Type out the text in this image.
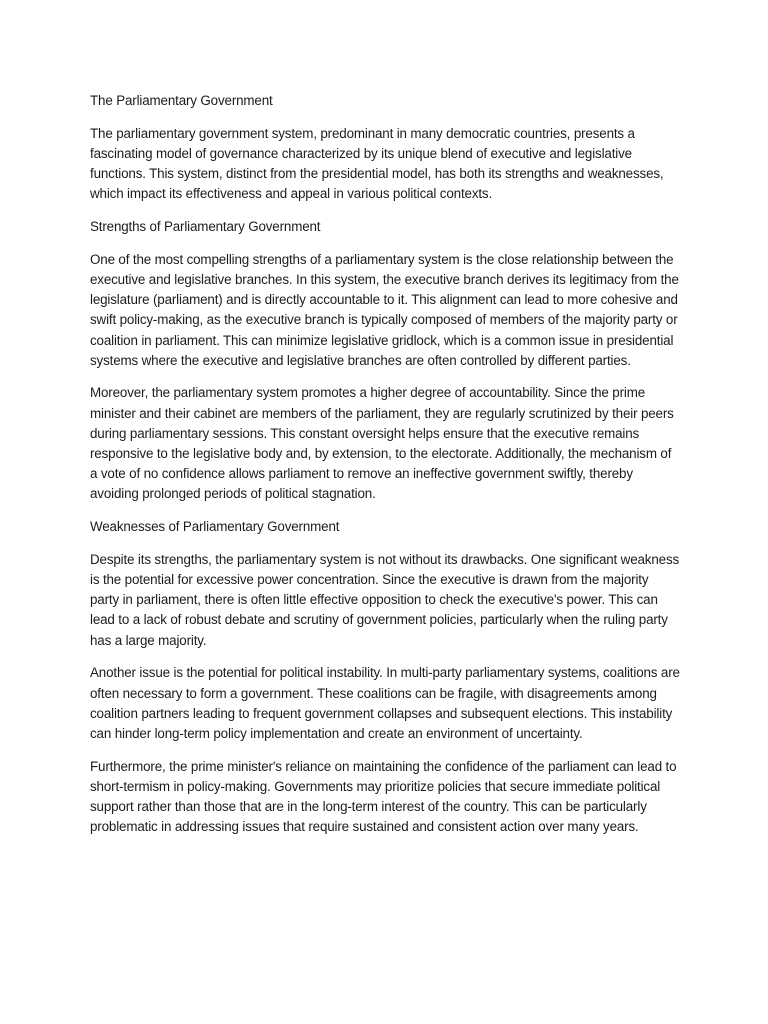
The Parliamentary Government

The parliamentary government system, predominant in many democratic countries, presents a fascinating model of governance characterized by its unique blend of executive and legislative functions. This system, distinct from the presidential model, has both its strengths and weaknesses, which impact its effectiveness and appeal in various political contexts.

Strengths of Parliamentary Government

One of the most compelling strengths of a parliamentary system is the close relationship between the executive and legislative branches. In this system, the executive branch derives its legitimacy from the legislature (parliament) and is directly accountable to it. This alignment can lead to more cohesive and swift policy-making, as the executive branch is typically composed of members of the majority party or coalition in parliament. This can minimize legislative gridlock, which is a common issue in presidential systems where the executive and legislative branches are often controlled by different parties.

Moreover, the parliamentary system promotes a higher degree of accountability. Since the prime minister and their cabinet are members of the parliament, they are regularly scrutinized by their peers during parliamentary sessions. This constant oversight helps ensure that the executive remains responsive to the legislative body and, by extension, to the electorate. Additionally, the mechanism of a vote of no confidence allows parliament to remove an ineffective government swiftly, thereby avoiding prolonged periods of political stagnation.

Weaknesses of Parliamentary Government

Despite its strengths, the parliamentary system is not without its drawbacks. One significant weakness is the potential for excessive power concentration. Since the executive is drawn from the majority party in parliament, there is often little effective opposition to check the executive's power. This can lead to a lack of robust debate and scrutiny of government policies, particularly when the ruling party has a large majority.

Another issue is the potential for political instability. In multi-party parliamentary systems, coalitions are often necessary to form a government. These coalitions can be fragile, with disagreements among coalition partners leading to frequent government collapses and subsequent elections. This instability can hinder long-term policy implementation and create an environment of uncertainty.

Furthermore, the prime minister's reliance on maintaining the confidence of the parliament can lead to short-termism in policy-making. Governments may prioritize policies that secure immediate political support rather than those that are in the long-term interest of the country. This can be particularly problematic in addressing issues that require sustained and consistent action over many years.
